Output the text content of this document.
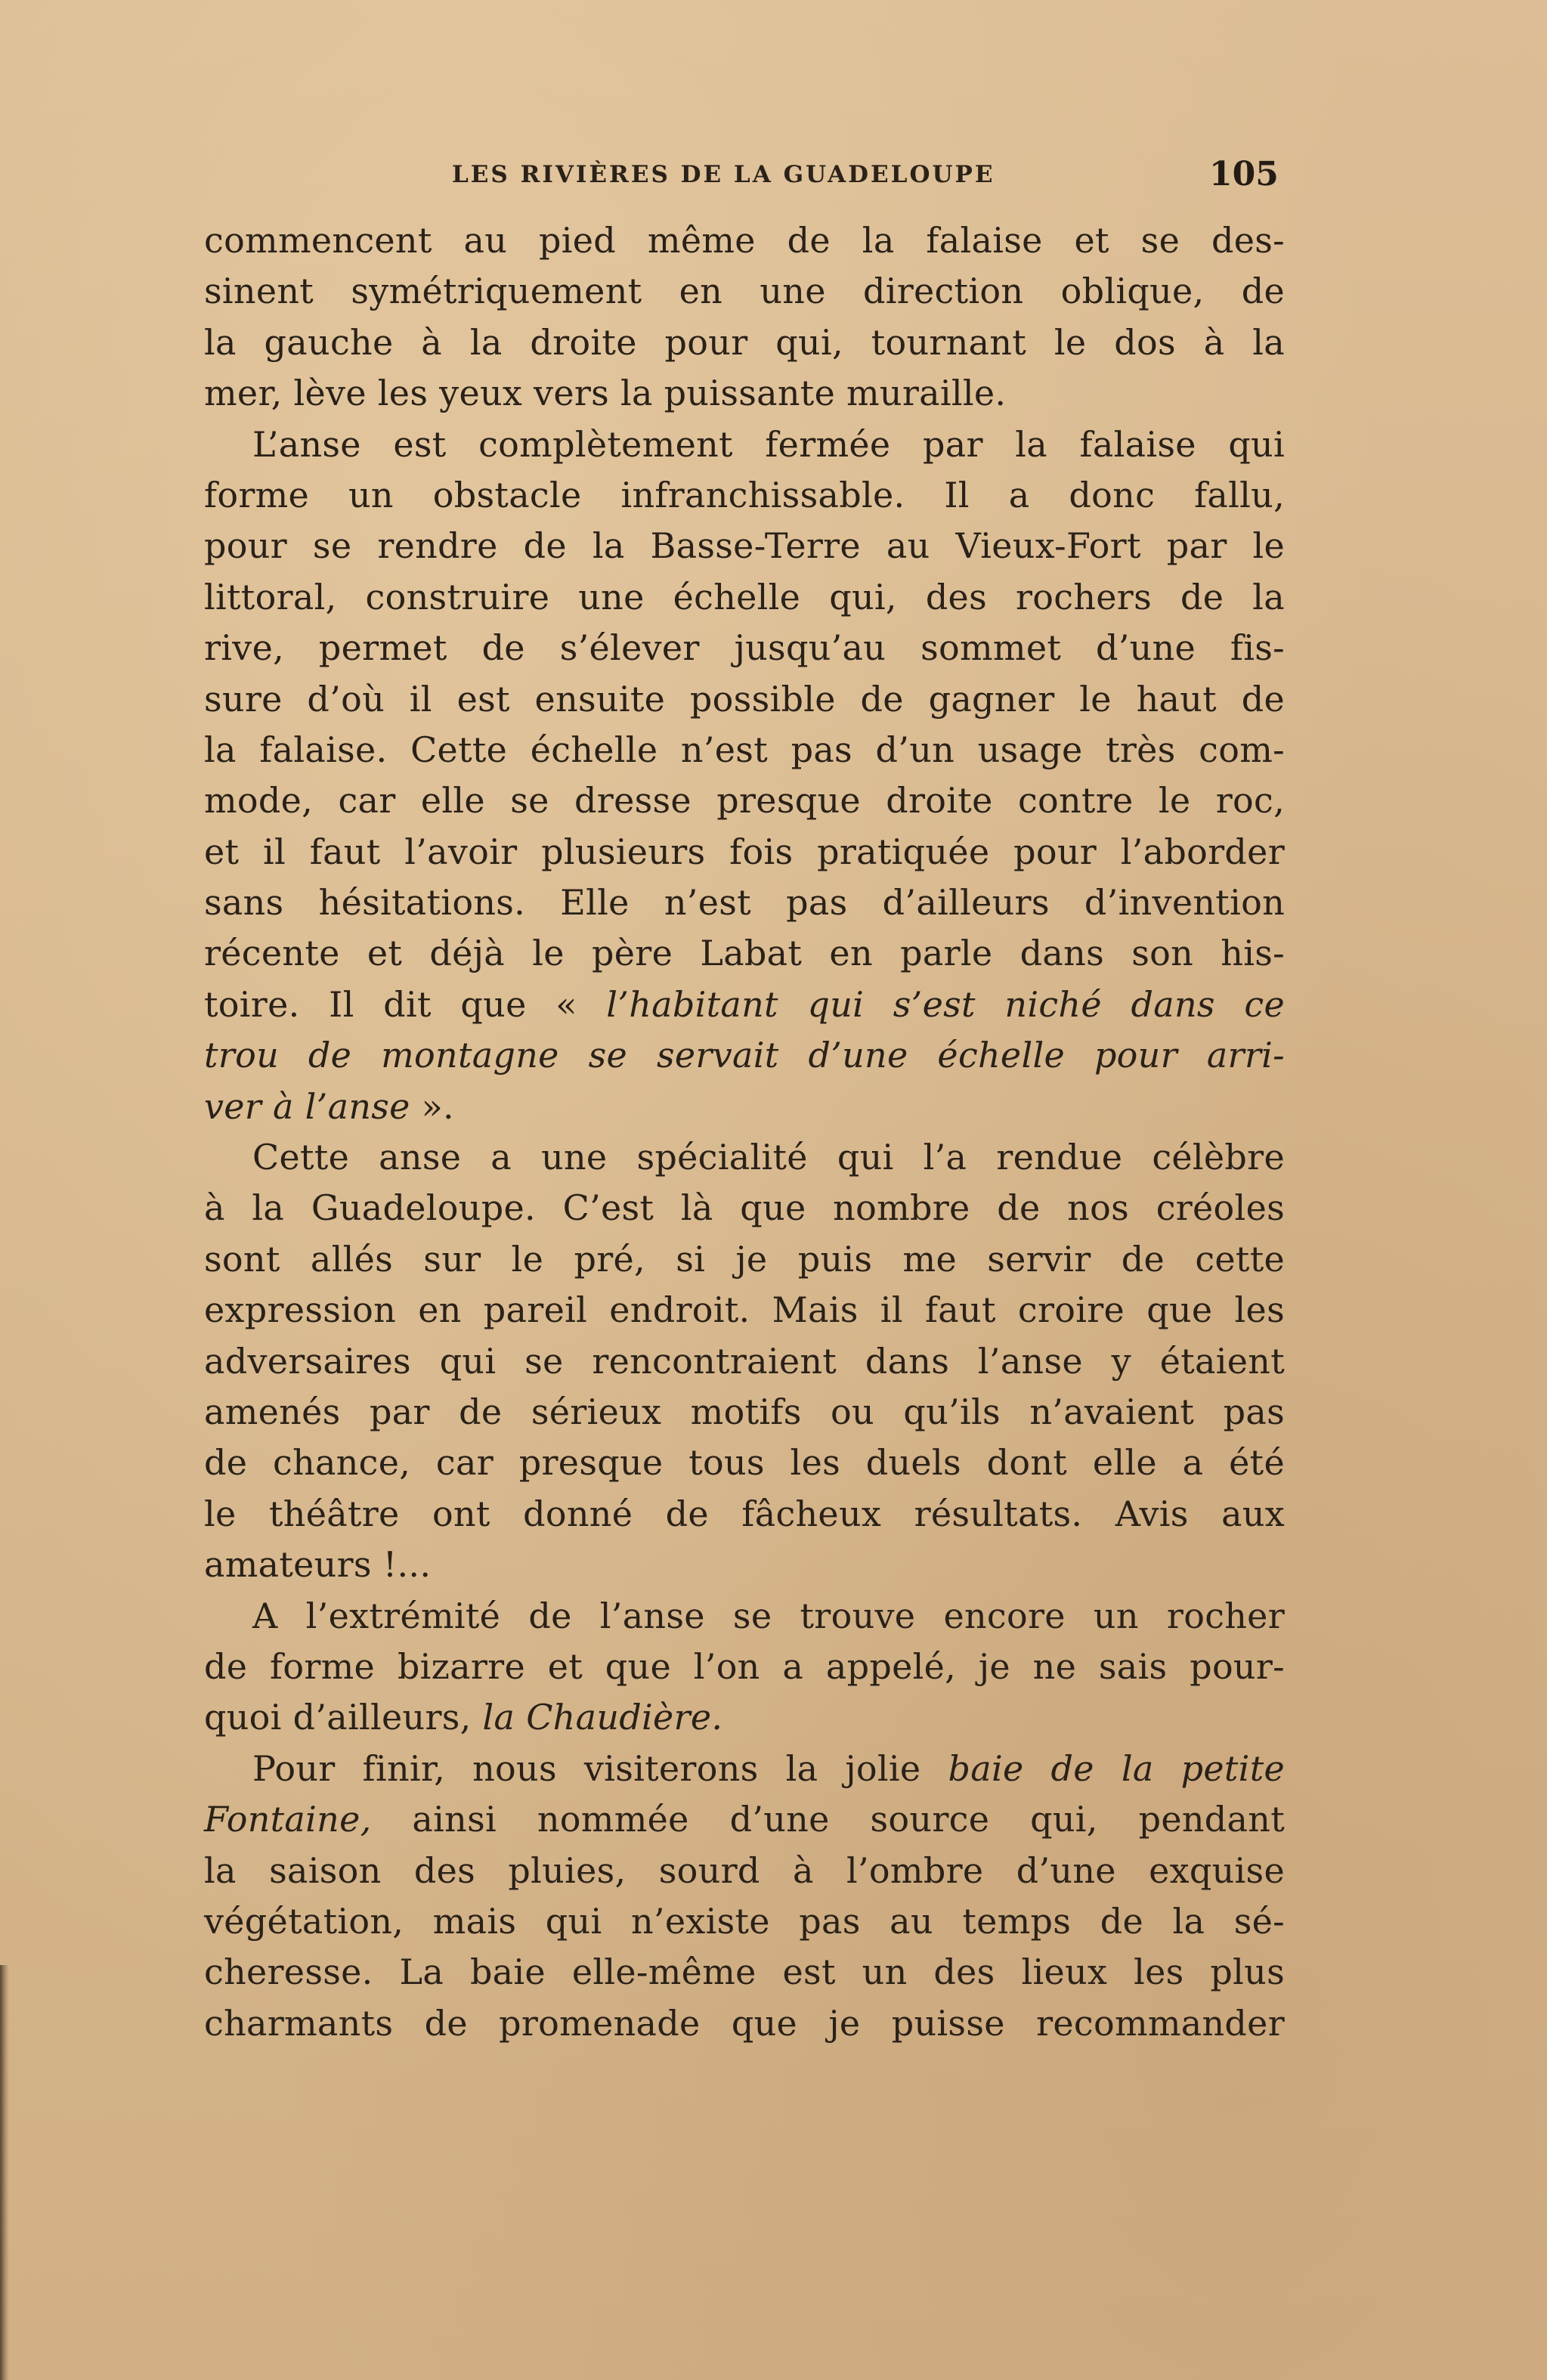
LES RIVIÈRES DE LA GUADELOUPE	105
commencent au pied même de la falaise et se des-
sinent symétriquement en une direction oblique, de
la gauche à la droite pour qui, tournant le dos à la
mer, lève les yeux vers la puissante muraille.
L’anse est complètement fermée par la falaise qui
forme un obstacle infranchissable. Il a donc fallu,
pour se rendre de la Basse-Terre au Vieux-Fort par le
littoral, construire une échelle qui, des rochers de la
rive, permet de s’élever jusqu’au sommet d’une fis-
sure d’où il est ensuite possible de gagner le haut de
la falaise. Cette échelle n’est pas d’un usage très com-
mode, car elle se dresse presque droite contre le roc,
et il faut l’avoir plusieurs fois pratiquée pour l’aborder
sans hésitations. Elle n’est pas d’ailleurs d’invention
récente et déjà le père Labat en parle dans son his-
toire. Il dit que « l’habitant qui s’est niché dans ce
trou de montagne se servait d’une échelle pour arri-
ver à l’anse ».
Cette anse a une spécialité qui l’a rendue célèbre
à la Guadeloupe. C’est là que nombre de nos créoles
sont allés sur le pré, si je puis me servir de cette
expression en pareil endroit. Mais il faut croire que les
adversaires qui se rencontraient dans l’anse y étaient
amenés par de sérieux motifs ou qu’ils n’avaient pas
de chance, car presque tous les duels dont elle a été
le théâtre ont donné de fâcheux résultats. Avis aux
amateurs !...
A l’extrémité de l’anse se trouve encore un rocher
de forme bizarre et que l’on a appelé, je ne sais pour-
quoi d’ailleurs, la Chaudière.
Pour finir, nous visiterons la jolie baie de la petite
Fontaine, ainsi nommée d’une source qui, pendant
la saison des pluies, sourd à l’ombre d’une exquise
végétation, mais qui n’existe pas au temps de la sé-
cheresse. La baie elle-même est un des lieux les plus
charmants de promenade que je puisse recommander
